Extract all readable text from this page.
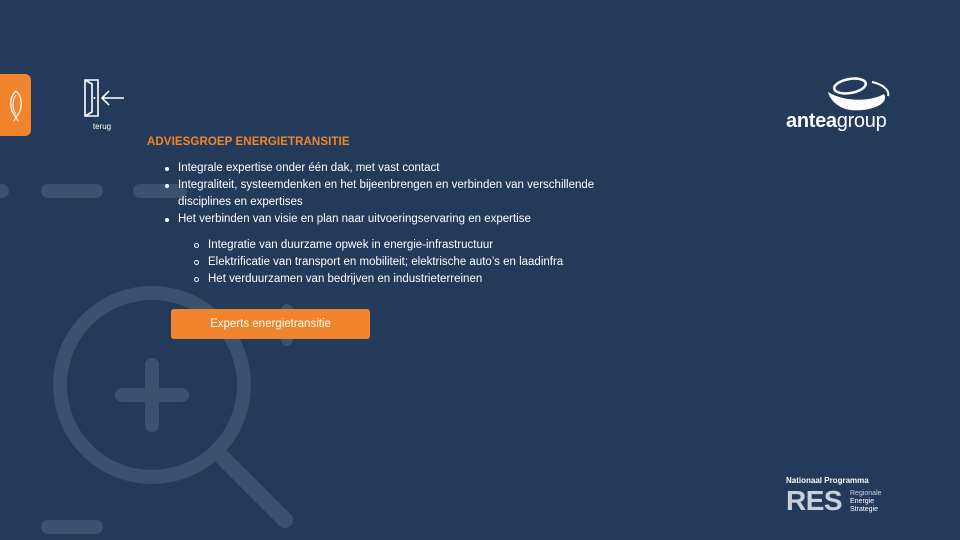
terug	anteagroup
ADVIESGROEP ENERGIETRANSITIE
Integrale expertise onder één dak, met vast contact
Integraliteit, systeemdenken en het bijeenbrengen en verbinden van verschillende disciplines en expertises
Het verbinden van visie en plan naar uitvoeringservaring en expertise
Integratie van duurzame opwek in energie-infrastructuur
Elektrificatie van transport en mobiliteit; elektrische auto’s en laadinfra
Het verduurzamen van bedrijven en industrieterreinen
Experts energietransitie
Nationaal Programma
RES Regionale
Energie
Strategie
